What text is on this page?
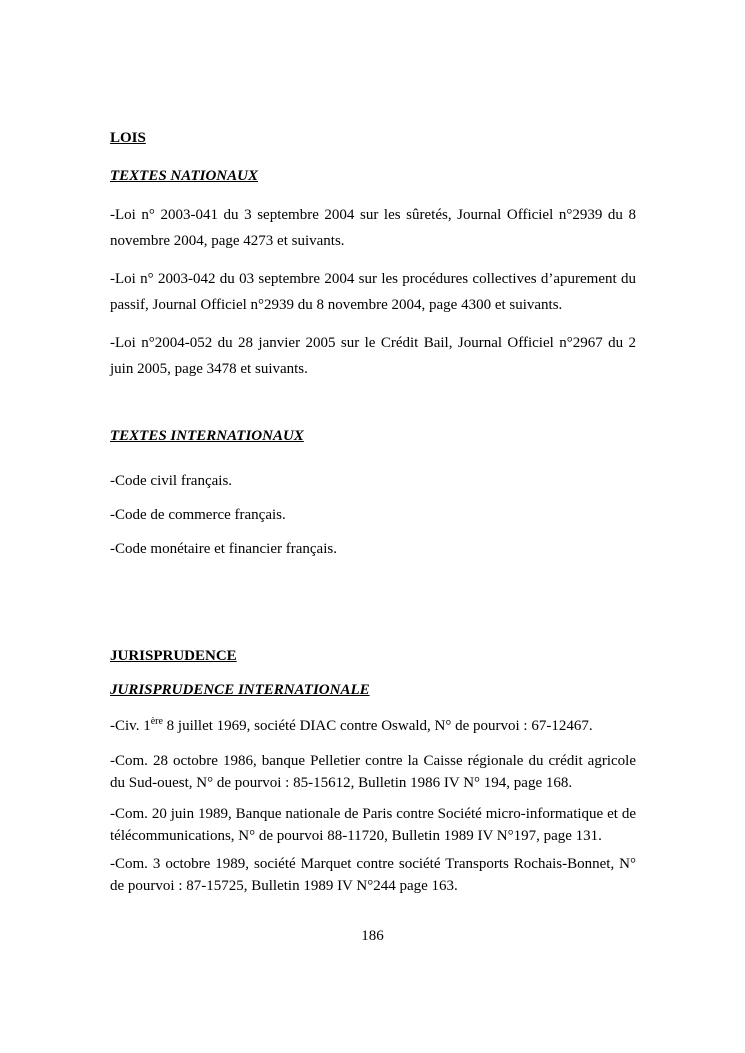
LOIS

TEXTES NATIONAUX

-Loi n° 2003-041 du 3 septembre 2004 sur les sûretés, Journal Officiel n°2939 du 8 novembre 2004, page 4273 et suivants.

-Loi n° 2003-042 du 03 septembre 2004 sur les procédures collectives d’apurement du passif, Journal Officiel n°2939 du 8 novembre 2004, page 4300 et suivants.

-Loi n°2004-052 du 28 janvier 2005 sur le Crédit Bail, Journal Officiel n°2967 du 2 juin 2005, page 3478 et suivants.

TEXTES INTERNATIONAUX

-Code civil français.

-Code de commerce français.

-Code monétaire et financier français.

JURISPRUDENCE

JURISPRUDENCE INTERNATIONALE

-Civ. 1ère 8 juillet 1969, société DIAC contre Oswald, N° de pourvoi : 67-12467.

-Com. 28 octobre 1986, banque Pelletier contre la Caisse régionale du crédit agricole du Sud-ouest, N° de pourvoi : 85-15612, Bulletin 1986 IV N° 194, page 168.

-Com. 20 juin 1989, Banque nationale de Paris contre Société micro-informatique et de télécommunications, N° de pourvoi 88-11720, Bulletin 1989 IV N°197, page 131.

-Com. 3 octobre 1989, société Marquet contre société Transports Rochais-Bonnet, N° de pourvoi : 87-15725, Bulletin 1989 IV N°244 page 163.

186
